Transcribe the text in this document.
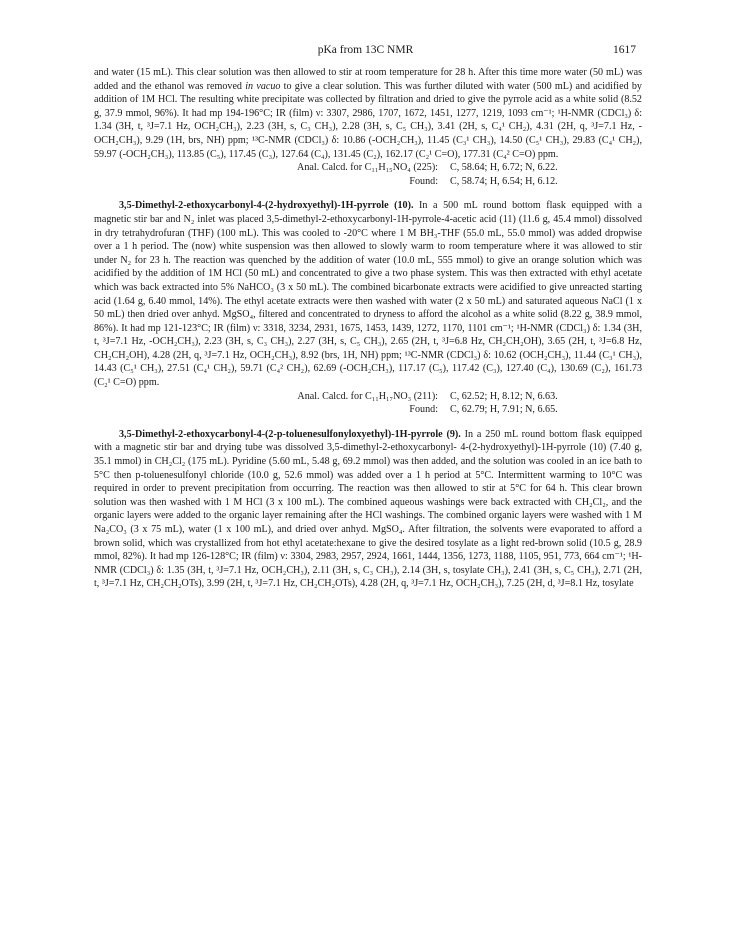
pKa from 13C NMR	1617

and water (15 mL). This clear solution was then allowed to stir at room temperature for 28 h. After this time more water (50 mL) was added and the ethanol was removed in vacuo to give a clear solution. This was further diluted with water (500 mL) and acidified by addition of 1M HCl. The resulting white precipitate was collected by filtration and dried to give the pyrrole acid as a white solid (8.52 g, 37.9 mmol, 96%). It had mp 194-196°C; IR (film) ν: 3307, 2986, 1707, 1672, 1451, 1277, 1219, 1093 cm⁻¹; ¹H-NMR (CDCl₃) δ: 1.34 (3H, t, ³J=7.1 Hz, OCH₂CH₃), 2.23 (3H, s, C₃ CH₃), 2.28 (3H, s, C₅ CH₃), 3.41 (2H, s, C₄¹ CH₂), 4.31 (2H, q, ³J=7.1 Hz, -OCH₂CH₃), 9.29 (1H, brs, NH) ppm; ¹³C-NMR (CDCl₃) δ: 10.86 (-OCH₂CH₃), 11.45 (C₃¹ CH₃), 14.50 (C₅¹ CH₃), 29.83 (C₄¹ CH₂), 59.97 (-OCH₂CH₃), 113.85 (C₅), 117.45 (C₃), 127.64 (C₄), 131.45 (C₂), 162.17 (C₂¹ C=O), 177.31 (C₄² C=O) ppm.

Anal. Calcd. for C₁₁H₁₅NO₄ (225):	C, 58.64; H, 6.72; N, 6.22.
Found:	C, 58.74; H, 6.54; H, 6.12.

3,5-Dimethyl-2-ethoxycarbonyl-4-(2-hydroxyethyl)-1H-pyrrole (10). In a 500 mL round bottom flask equipped with a magnetic stir bar and N₂ inlet was placed 3,5-dimethyl-2-ethoxycarbonyl-1H-pyrrole-4-acetic acid (11) (11.6 g, 45.4 mmol) dissolved in dry tetrahydrofuran (THF) (100 mL). This was cooled to -20°C where 1 M BH₃-THF (55.0 mL, 55.0 mmol) was added dropwise over a 1 h period. The (now) white suspension was then allowed to slowly warm to room temperature where it was allowed to stir under N₂ for 23 h. The reaction was quenched by the addition of water (10.0 mL, 555 mmol) to give an orange solution which was acidified by the addition of 1M HCl (50 mL) and concentrated to give a two phase system. This was then extracted with ethyl acetate which was back extracted into 5% NaHCO₃ (3 x 50 mL). The combined bicarbonate extracts were acidified to give unreacted starting acid (1.64 g, 6.40 mmol, 14%). The ethyl acetate extracts were then washed with water (2 x 50 mL) and saturated aqueous NaCl (1 x 50 mL) then dried over anhyd. MgSO₄, filtered and concentrated to dryness to afford the alcohol as a white solid (8.22 g, 38.9 mmol, 86%). It had mp 121-123°C; IR (film) ν: 3318, 3234, 2931, 1675, 1453, 1439, 1272, 1170, 1101 cm⁻¹; ¹H-NMR (CDCl₃) δ: 1.34 (3H, t, ³J=7.1 Hz, -OCH₂CH₃), 2.23 (3H, s, C₃ CH₃), 2.27 (3H, s, C₅ CH₃), 2.65 (2H, t, ³J=6.8 Hz, CH₂CH₂OH), 3.65 (2H, t, ³J=6.8 Hz, CH₂CH₂OH), 4.28 (2H, q, ³J=7.1 Hz, OCH₂CH₃), 8.92 (brs, 1H, NH) ppm; ¹³C-NMR (CDCl₃) δ: 10.62 (OCH₂CH₃), 11.44 (C₃¹ CH₃), 14.43 (C₅¹ CH₃), 27.51 (C₄¹ CH₂), 59.71 (C₄² CH₂), 62.69 (-OCH₂CH₃), 117.17 (C₅), 117.42 (C₃), 127.40 (C₄), 130.69 (C₂), 161.73 (C₂¹ C=O) ppm.

Anal. Calcd. for C₁₁H₁₇NO₃ (211):	C, 62.52; H, 8.12; N, 6.63.
Found:	C, 62.79; H, 7.91; N, 6.65.

3,5-Dimethyl-2-ethoxycarbonyl-4-(2-p-toluenesulfonyloxyethyl)-1H-pyrrole (9). In a 250 mL round bottom flask equipped with a magnetic stir bar and drying tube was dissolved 3,5-dimethyl-2-ethoxycarbonyl- 4-(2-hydroxyethyl)-1H-pyrrole (10) (7.40 g, 35.1 mmol) in CH₂Cl₂ (175 mL). Pyridine (5.60 mL, 5.48 g, 69.2 mmol) was then added, and the solution was cooled in an ice bath to 5°C then p-toluenesulfonyl chloride (10.0 g, 52.6 mmol) was added over a 1 h period at 5°C. Intermittent warming to 10°C was required in order to prevent precipitation from occurring. The reaction was then allowed to stir at 5°C for 64 h. This clear brown solution was then washed with 1 M HCl (3 x 100 mL). The combined aqueous washings were back extracted with CH₂Cl₂, and the organic layers were added to the organic layer remaining after the HCl washings. The combined organic layers were washed with 1 M Na₂CO₃ (3 x 75 mL), water (1 x 100 mL), and dried over anhyd. MgSO₄. After filtration, the solvents were evaporated to afford a brown solid, which was crystallized from hot ethyl acetate:hexane to give the desired tosylate as a light red-brown solid (10.5 g, 28.9 mmol, 82%). It had mp 126-128°C; IR (film) ν: 3304, 2983, 2957, 2924, 1661, 1444, 1356, 1273, 1188, 1105, 951, 773, 664 cm⁻¹; ¹H-NMR (CDCl₃) δ: 1.35 (3H, t, ³J=7.1 Hz, OCH₂CH₃), 2.11 (3H, s, C₃ CH₃), 2.14 (3H, s, tosylate CH₃), 2.41 (3H, s, C₅ CH₃), 2.71 (2H, t, ³J=7.1 Hz, CH₂CH₂OTs), 3.99 (2H, t, ³J=7.1 Hz, CH₂CH₂OTs), 4.28 (2H, q, ³J=7.1 Hz, OCH₂CH₃), 7.25 (2H, d, ³J=8.1 Hz, tosylate
